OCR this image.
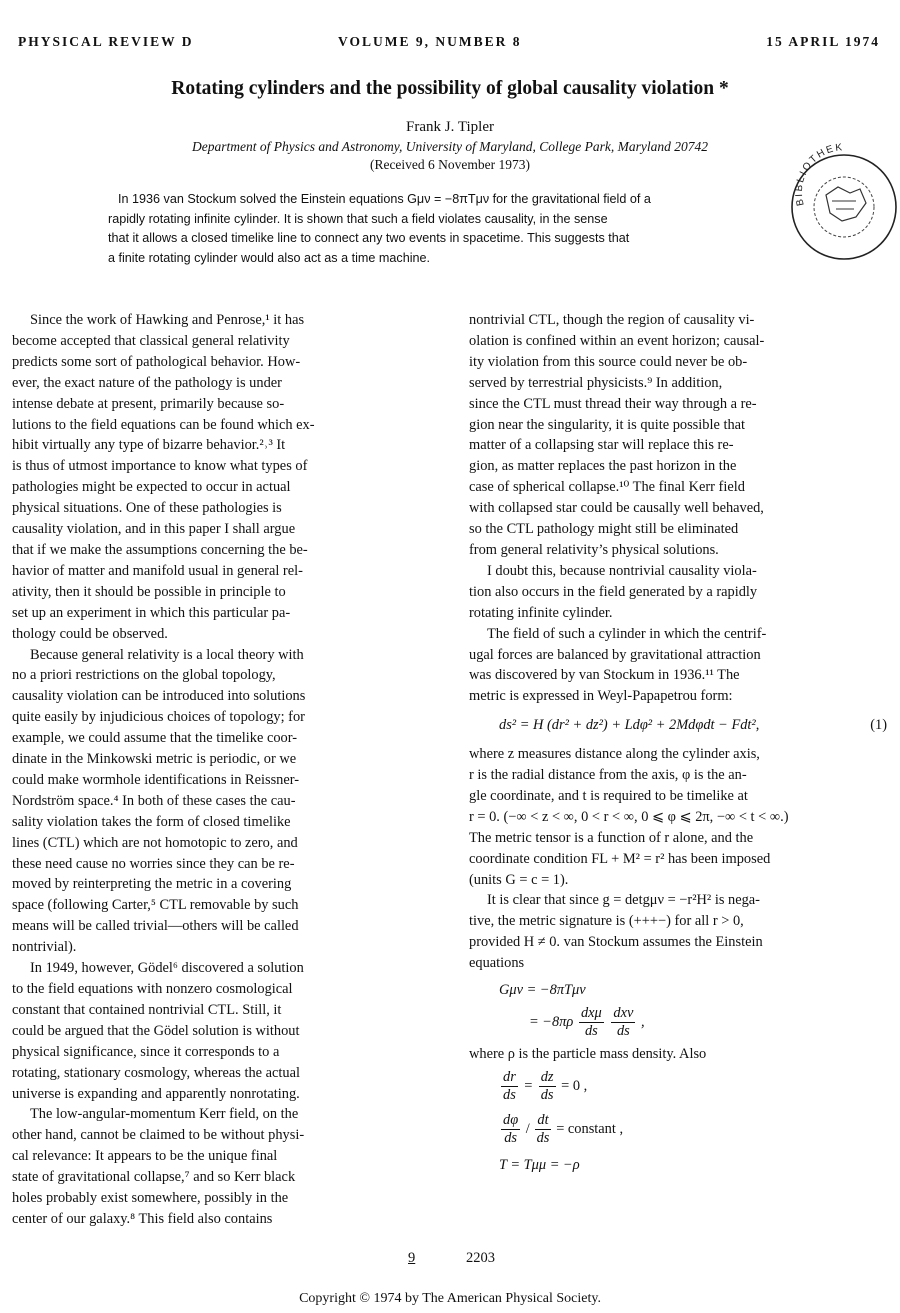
PHYSICAL REVIEW D	VOLUME 9, NUMBER 8	15 APRIL 1974
Rotating cylinders and the possibility of global causality violation *
Frank J. Tipler
Department of Physics and Astronomy, University of Maryland, College Park, Maryland 20742
(Received 6 November 1973)
In 1936 van Stockum solved the Einstein equations Gμν = −8πTμν for the gravitational field of a
rapidly rotating infinite cylinder. It is shown that such a field violates causality, in the sense
that it allows a closed timelike line to connect any two events in spacetime. This suggests that
a finite rotating cylinder would also act as a time machine.
BIBLIOTHEK
Since the work of Hawking and Penrose,¹ it has
become accepted that classical general relativity
predicts some sort of pathological behavior. How-
ever, the exact nature of the pathology is under
intense debate at present, primarily because so-
lutions to the field equations can be found which ex-
hibit virtually any type of bizarre behavior.²˒³ It
is thus of utmost importance to know what types of
pathologies might be expected to occur in actual
physical situations. One of these pathologies is
causality violation, and in this paper I shall argue
that if we make the assumptions concerning the be-
havior of matter and manifold usual in general rel-
ativity, then it should be possible in principle to
set up an experiment in which this particular pa-
thology could be observed.
Because general relativity is a local theory with
no a priori restrictions on the global topology,
causality violation can be introduced into solutions
quite easily by injudicious choices of topology; for
example, we could assume that the timelike coor-
dinate in the Minkowski metric is periodic, or we
could make wormhole identifications in Reissner-
Nordström space.⁴ In both of these cases the cau-
sality violation takes the form of closed timelike
lines (CTL) which are not homotopic to zero, and
these need cause no worries since they can be re-
moved by reinterpreting the metric in a covering
space (following Carter,⁵ CTL removable by such
means will be called trivial—others will be called
nontrivial).
In 1949, however, Gödel⁶ discovered a solution
to the field equations with nonzero cosmological
constant that contained nontrivial CTL. Still, it
could be argued that the Gödel solution is without
physical significance, since it corresponds to a
rotating, stationary cosmology, whereas the actual
universe is expanding and apparently nonrotating.
The low-angular-momentum Kerr field, on the
other hand, cannot be claimed to be without physi-
cal relevance: It appears to be the unique final
state of gravitational collapse,⁷ and so Kerr black
holes probably exist somewhere, possibly in the
center of our galaxy.⁸ This field also contains
nontrivial CTL, though the region of causality vi-
olation is confined within an event horizon; causal-
ity violation from this source could never be ob-
served by terrestrial physicists.⁹ In addition,
since the CTL must thread their way through a re-
gion near the singularity, it is quite possible that
matter of a collapsing star will replace this re-
gion, as matter replaces the past horizon in the
case of spherical collapse.¹⁰ The final Kerr field
with collapsed star could be causally well behaved,
so the CTL pathology might still be eliminated
from general relativity’s physical solutions.
I doubt this, because nontrivial causality viola-
tion also occurs in the field generated by a rapidly
rotating infinite cylinder.
The field of such a cylinder in which the centrif-
ugal forces are balanced by gravitational attraction
was discovered by van Stockum in 1936.¹¹ The
metric is expressed in Weyl-Papapetrou form:
ds² = H (dr² + dz²) + Ldφ² + 2Mdφdt − Fdt²,	(1)
where z measures distance along the cylinder axis,
r is the radial distance from the axis, φ is the an-
gle coordinate, and t is required to be timelike at
r = 0. (−∞ < z < ∞, 0 < r < ∞, 0 ⩽ φ ⩽ 2π, −∞ < t < ∞.)
The metric tensor is a function of r alone, and the
coordinate condition FL + M² = r² has been imposed
(units G = c = 1).
It is clear that since g = detgμν = −r²H² is nega-
tive, the metric signature is (+++−) for all r > 0,
provided H ≠ 0. van Stockum assumes the Einstein
equations
Gμν = −8πTμν
= $-8\pi\rho \frac{\text{dxμ}}{ds}$
$\frac{\text{dxν}}{ds}$ ,
where ρ is the particle mass density. Also
$\frac{dr}{ds} = \frac{dz}{ds} = 0$ ,
$\frac{d\varphi}{ds} / \frac{dt}{ds}$ = constant ,
T = Tμμ = −ρ
9	2203
Copyright © 1974 by The American Physical Society.
